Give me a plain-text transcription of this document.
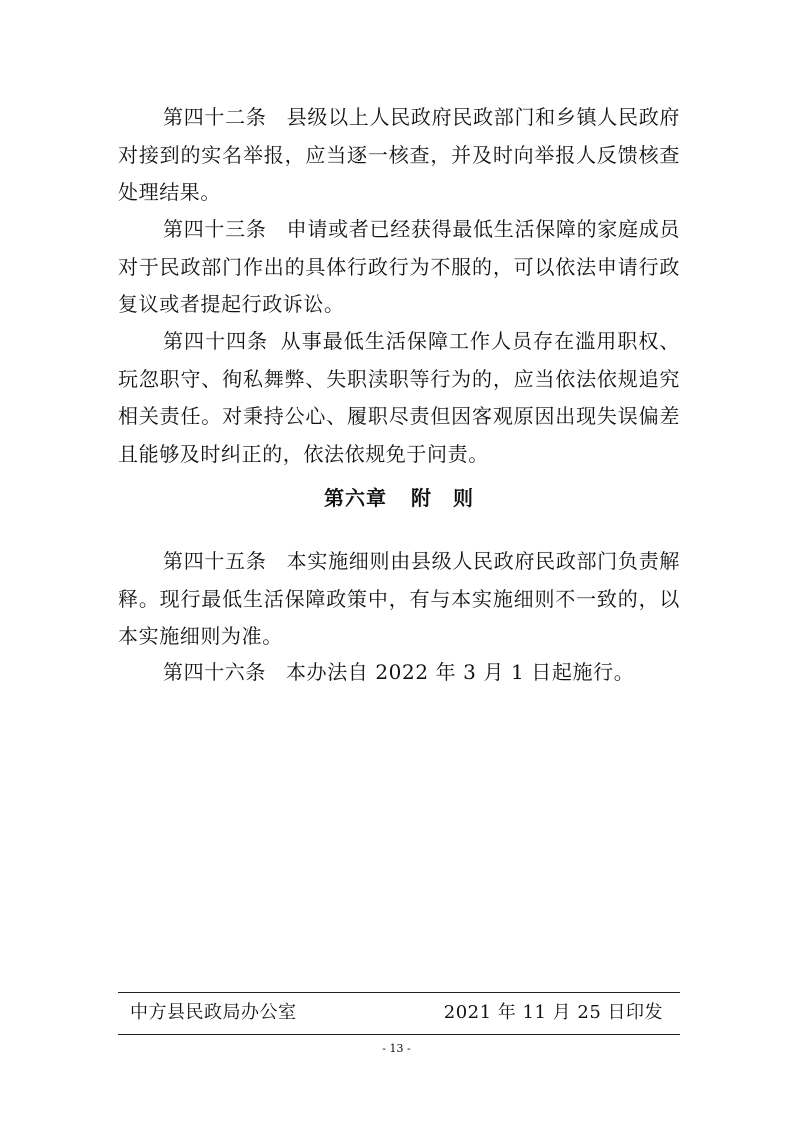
第四十二条 县级以上人民政府民政部门和乡镇人民政府对接到的实名举报，应当逐一核查，并及时向举报人反馈核查处理结果。

第四十三条 申请或者已经获得最低生活保障的家庭成员对于民政部门作出的具体行政行为不服的，可以依法申请行政复议或者提起行政诉讼。

第四十四条 从事最低生活保障工作人员存在滥用职权、玩忽职守、徇私舞弊、失职渎职等行为的，应当依法依规追究相关责任。对秉持公心、履职尽责但因客观原因出现失误偏差且能够及时纠正的，依法依规免于问责。

第六章 附　则

第四十五条 本实施细则由县级人民政府民政部门负责解释。现行最低生活保障政策中，有与本实施细则不一致的，以本实施细则为准。

第四十六条 本办法自 2022 年 3 月 1 日起施行。

中方县民政局办公室	2021 年 11 月 25 日印发
- 13 -
